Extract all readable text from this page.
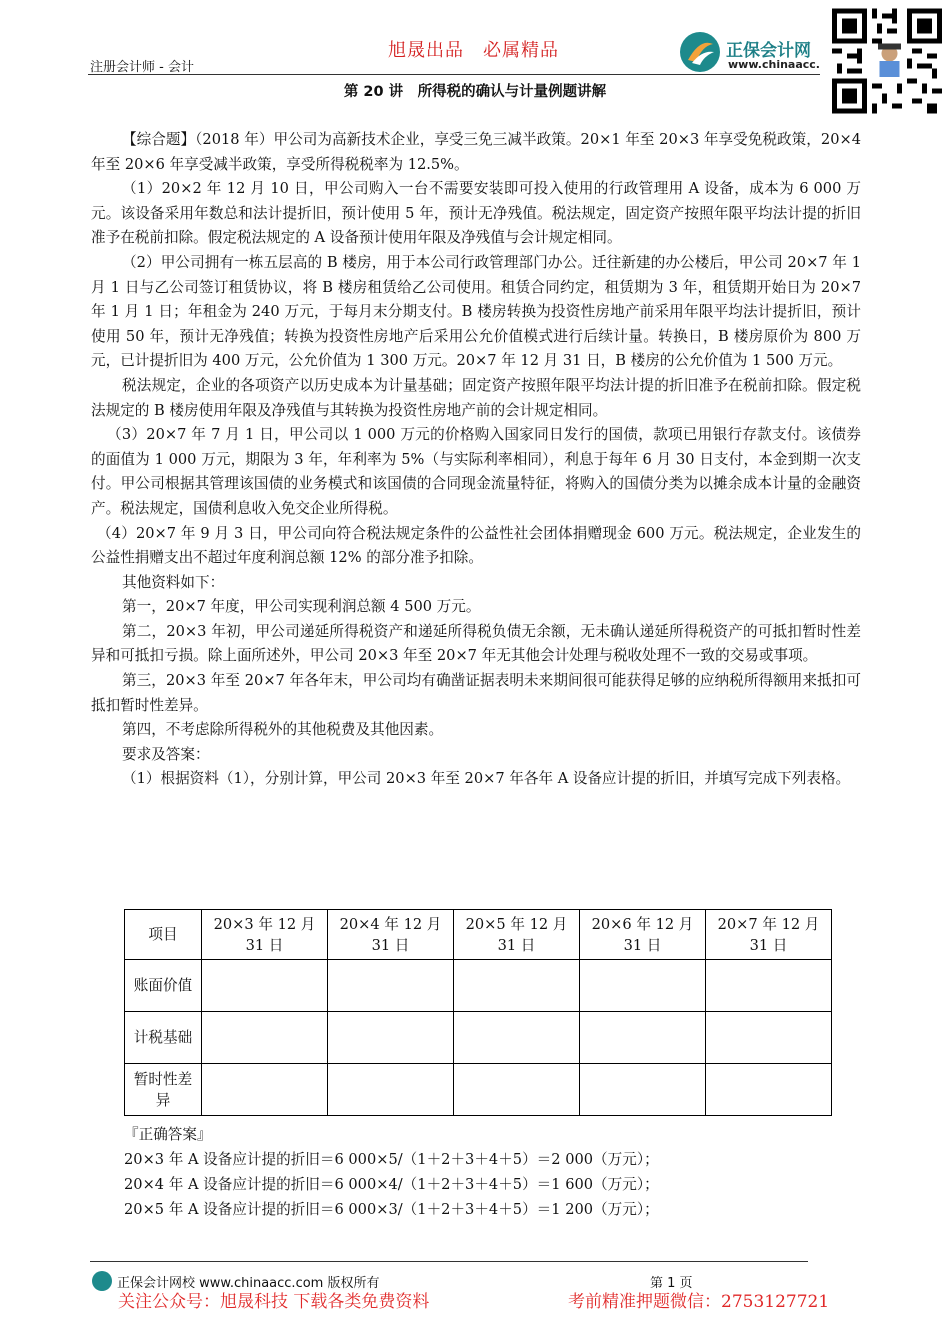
注册会计师 - 会计
旭晟出品　必属精品	正保会计网
www.chinaacc.
第 20 讲　所得税的确认与计量例题讲解

【综合题】（2018 年）甲公司为高新技术企业，享受三免三减半政策。20×1 年至 20×3 年享受免税政策，20×4 年至 20×6 年享受减半政策，享受所得税税率为 12.5%。

（1）20×2 年 12 月 10 日，甲公司购入一台不需要安装即可投入使用的行政管理用 A 设备，成本为 6 000 万元。该设备采用年数总和法计提折旧，预计使用 5 年，预计无净残值。税法规定，固定资产按照年限平均法计提的折旧准予在税前扣除。假定税法规定的 A 设备预计使用年限及净残值与会计规定相同。

（2）甲公司拥有一栋五层高的 B 楼房，用于本公司行政管理部门办公。迁往新建的办公楼后，甲公司 20×7 年 1 月 1 日与乙公司签订租赁协议，将 B 楼房租赁给乙公司使用。租赁合同约定，租赁期为 3 年，租赁期开始日为 20×7 年 1 月 1 日；年租金为 240 万元，于每月末分期支付。B 楼房转换为投资性房地产前采用年限平均法计提折旧，预计使用 50 年，预计无净残值；转换为投资性房地产后采用公允价值模式进行后续计量。转换日，B 楼房原价为 800 万元，已计提折旧为 400 万元，公允价值为 1 300 万元。20×7 年 12 月 31 日，B 楼房的公允价值为 1 500 万元。

税法规定，企业的各项资产以历史成本为计量基础；固定资产按照年限平均法计提的折旧准予在税前扣除。假定税法规定的 B 楼房使用年限及净残值与其转换为投资性房地产前的会计规定相同。

（3）20×7 年 7 月 1 日，甲公司以 1 000 万元的价格购入国家同日发行的国债，款项已用银行存款支付。该债券的面值为 1 000 万元，期限为 3 年，年利率为 5%（与实际利率相同），利息于每年 6 月 30 日支付，本金到期一次支付。甲公司根据其管理该国债的业务模式和该国债的合同现金流量特征，将购入的国债分类为以摊余成本计量的金融资产。税法规定，国债利息收入免交企业所得税。

（4）20×7 年 9 月 3 日，甲公司向符合税法规定条件的公益性社会团体捐赠现金 600 万元。税法规定，企业发生的公益性捐赠支出不超过年度利润总额 12% 的部分准予扣除。

其他资料如下：

第一，20×7 年度，甲公司实现利润总额 4 500 万元。

第二，20×3 年初，甲公司递延所得税资产和递延所得税负债无余额，无未确认递延所得税资产的可抵扣暂时性差异和可抵扣亏损。除上面所述外，甲公司 20×3 年至 20×7 年无其他会计处理与税收处理不一致的交易或事项。

第三，20×3 年至 20×7 年各年末，甲公司均有确凿证据表明未来期间很可能获得足够的应纳税所得额用来抵扣可抵扣暂时性差异。

第四，不考虑除所得税外的其他税费及其他因素。

要求及答案：

（1）根据资料（1），分别计算，甲公司 20×3 年至 20×7 年各年 A 设备应计提的折旧，并填写完成下列表格。

项目	20×3 年 12 月 31 日	20×4 年 12 月 31 日	20×5 年 12 月 31 日	20×6 年 12 月 31 日	20×7 年 12 月 31 日
账面价值					
计税基础					
暂时性差异					

『正确答案』

20×3 年 A 设备应计提的折旧＝6 000×5/（1＋2＋3＋4＋5）＝2 000（万元）；

20×4 年 A 设备应计提的折旧＝6 000×4/（1＋2＋3＋4＋5）＝1 600（万元）；

20×5 年 A 设备应计提的折旧＝6 000×3/（1＋2＋3＋4＋5）＝1 200（万元）；

正保会计网校 www.chinaacc.com 版权所有	第 1 页
关注公众号：旭晟科技 下载各类免费资料	考前精准押题微信：2753127721
